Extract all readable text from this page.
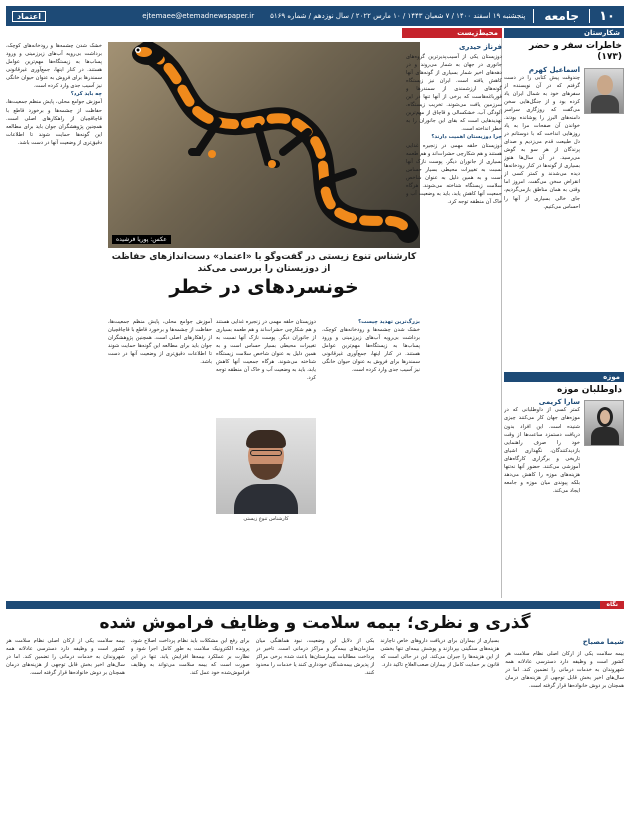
۱۰
جامعه
پنجشنبه ۱۹ اسفند ۱۴۰۰ / ۷ شعبان ۱۴۴۳ / ۱۰ مارس ۲۰۲۲ / سال نوزدهم / شماره ۵۱۶۹
ejtemaee@etemadnewspaper.ir
اعتماد
شکارستان
خاطرات سفر و حضر (۱۷۳)
اسماعیل کهرم
چندوقت پیش کتابی را در دست گرفتم که در آن نویسنده از سفرهای خود به شمال ایران یاد کرده بود و از جنگل‌هایی سخن می‌گفت که روزگاری سراسر دامنه‌های البرز را پوشانده بودند. خواندن آن صفحات مرا به یاد روزهایی انداخت که با دوستانم در دل طبیعت قدم می‌زدیم و صدای پرندگان از هر سو به گوش می‌رسید. در آن سال‌ها هنوز بسیاری از گونه‌ها در کنار رودخانه‌ها دیده می‌شدند و کمتر کسی از انقراض سخن می‌گفت. امروز اما وقتی به همان مناطق بازمی‌گردیم، جای خالی بسیاری از آنها را احساس می‌کنیم.
موزه
داوطلبان موزه
سارا کریمی
کمتر کسی از داوطلبانی که در موزه‌های جهان کار می‌کنند چیزی شنیده است. این افراد بدون دریافت دستمزد ساعت‌ها از وقت خود را صرف راهنمایی بازدیدکنندگان، نگهداری اشیای تاریخی و برگزاری کارگاه‌های آموزشی می‌کنند. حضور آنها نه‌تنها هزینه‌های موزه را کاهش می‌دهد بلکه پیوندی میان موزه و جامعه ایجاد می‌کند.
محیط‌زیست
عکس: پوریا فرشیده
کارشناس تنوع زیستی در گفت‌وگو با «اعتماد» دست‌اندازهای حفاظت از دوزیستان را بررسی می‌کند
خونسردهای در خطر
فرناز حیدری
دوزیستان یکی از آسیب‌پذیرترین گروه‌های جانوری در جهان به شمار می‌روند و در دهه‌های اخیر شمار بسیاری از گونه‌های آنها کاهش یافته است. ایران نیز زیستگاه گونه‌های ارزشمندی از سمندرها و قورباغه‌هاست که برخی از آنها تنها در این سرزمین یافت می‌شوند. تخریب زیستگاه، آلودگی آب، خشکسالی و قاچاق از مهم‌ترین تهدیدهایی است که بقای این جانوران را به خطر انداخته است.
چرا دوزیستان اهمیت دارند؟
دوزیستان حلقه مهمی در زنجیره غذایی هستند و هم شکارچی حشرات‌اند و هم طعمه بسیاری از جانوران دیگر. پوست نازک آنها نسبت به تغییرات محیطی بسیار حساس است و به همین دلیل به عنوان شاخص سلامت زیستگاه شناخته می‌شوند. هرگاه جمعیت آنها کاهش یابد، باید به وضعیت آب و خاک آن منطقه توجه کرد.
خشک شدن چشمه‌ها و رودخانه‌های کوچک، برداشت بی‌رویه آب‌های زیرزمینی و ورود پساب‌ها به زیستگاه‌ها مهم‌ترین عوامل هستند. در کنار اینها، جمع‌آوری غیرقانونی سمندرها برای فروش به عنوان حیوان خانگی نیز آسیب جدی وارد کرده است.
چه باید کرد؟
آموزش جوامع محلی، پایش منظم جمعیت‌ها، حفاظت از چشمه‌ها و برخورد قاطع با قاچاقچیان از راهکارهای اصلی است. همچنین پژوهشگران جوان باید برای مطالعه این گونه‌ها حمایت شوند تا اطلاعات دقیق‌تری از وضعیت آنها در دست باشد.
بزرگ‌ترین تهدید چیست؟
خشک شدن چشمه‌ها و رودخانه‌های کوچک، برداشت بی‌رویه آب‌های زیرزمینی و ورود پساب‌ها به زیستگاه‌ها مهم‌ترین عوامل هستند. در کنار اینها، جمع‌آوری غیرقانونی سمندرها برای فروش به عنوان حیوان خانگی نیز آسیب جدی وارد کرده است.
آموزش جوامع محلی، پایش منظم جمعیت‌ها، حفاظت از چشمه‌ها و برخورد قاطع با قاچاقچیان از راهکارهای اصلی است. همچنین پژوهشگران جوان باید برای مطالعه این گونه‌ها حمایت شوند تا اطلاعات دقیق‌تری از وضعیت آنها در دست باشد.
دوزیستان حلقه مهمی در زنجیره غذایی هستند و هم شکارچی حشرات‌اند و هم طعمه بسیاری از جانوران دیگر. پوست نازک آنها نسبت به تغییرات محیطی بسیار حساس است و به همین دلیل به عنوان شاخص سلامت زیستگاه شناخته می‌شوند. هرگاه جمعیت آنها کاهش یابد، باید به وضعیت آب و خاک آن منطقه توجه کرد.
کارشناس تنوع زیستی
نگاه
گذری و نظری؛ بیمه سلامت و وظایف فراموش شده
شیما مصباح
بیمه سلامت یکی از ارکان اصلی نظام سلامت هر کشور است و وظیفه دارد دسترسی عادلانه همه شهروندان به خدمات درمانی را تضمین کند. اما در سال‌های اخیر بخش قابل توجهی از هزینه‌های درمان همچنان بر دوش خانواده‌ها قرار گرفته است.
بسیاری از بیماران برای دریافت داروهای خاص ناچارند هزینه‌های سنگینی بپردازند و پوشش بیمه‌ای تنها بخشی از این هزینه‌ها را جبران می‌کند. این در حالی است که قانون بر حمایت کامل از بیماران صعب‌العلاج تاکید دارد.
یکی از دلایل این وضعیت، نبود هماهنگی میان سازمان‌های بیمه‌گر و مراکز درمانی است. تاخیر در پرداخت مطالبات بیمارستان‌ها باعث شده برخی مراکز از پذیرش بیمه‌شدگان خودداری کنند یا خدمات را محدود کنند.
برای رفع این مشکلات باید نظام پرداخت اصلاح شود، پرونده الکترونیک سلامت به طور کامل اجرا شود و نظارت بر عملکرد بیمه‌ها افزایش یابد. تنها در این صورت است که بیمه سلامت می‌تواند به وظایف فراموش‌شده خود عمل کند.
بیمه سلامت یکی از ارکان اصلی نظام سلامت هر کشور است و وظیفه دارد دسترسی عادلانه همه شهروندان به خدمات درمانی را تضمین کند. اما در سال‌های اخیر بخش قابل توجهی از هزینه‌های درمان همچنان بر دوش خانواده‌ها قرار گرفته است.
